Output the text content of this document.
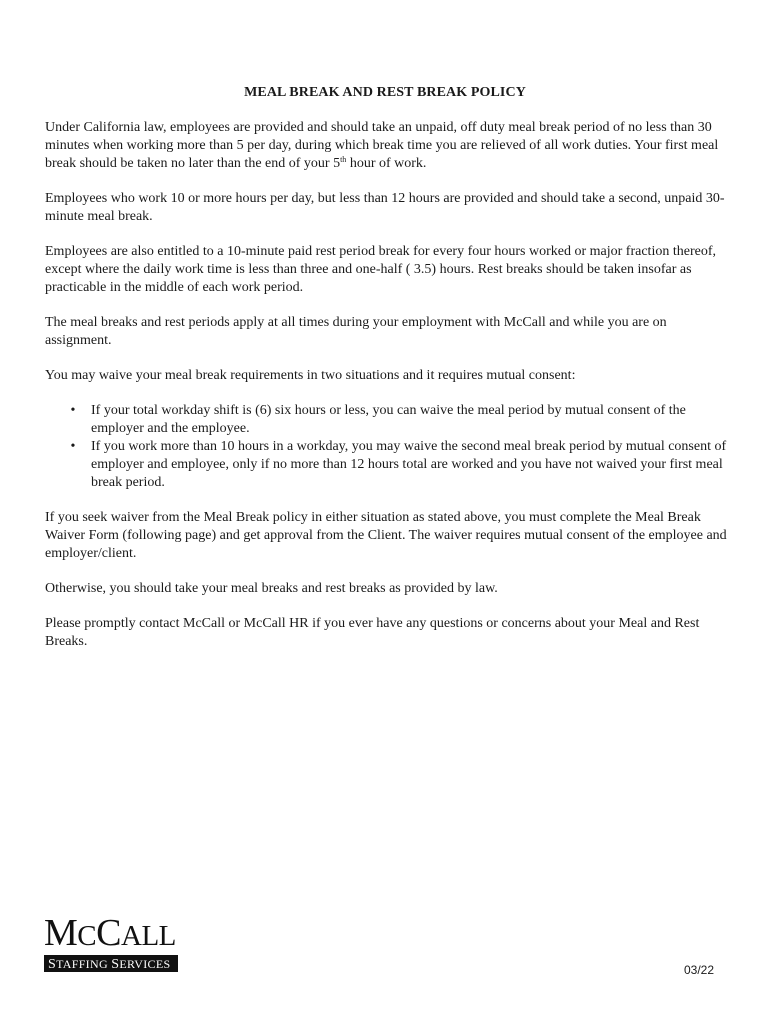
MEAL BREAK AND REST BREAK POLICY

Under California law, employees are provided and should take an unpaid, off duty meal break period of no less than 30 minutes when working more than 5 per day, during which break time you are relieved of all work duties. Your first meal break should be taken no later than the end of your 5th hour of work.

Employees who work 10 or more hours per day, but less than 12 hours are provided and should take a second, unpaid 30-minute meal break.

Employees are also entitled to a 10-minute paid rest period break for every four hours worked or major fraction thereof, except where the daily work time is less than three and one-half ( 3.5) hours. Rest breaks should be taken insofar as practicable in the middle of each work period.

The meal breaks and rest periods apply at all times during your employment with McCall and while you are on assignment.

You may waive your meal break requirements in two situations and it requires mutual consent:

• If your total workday shift is (6) six hours or less, you can waive the meal period by mutual consent of the employer and the employee.
• If you work more than 10 hours in a workday, you may waive the second meal break period by mutual consent of employer and employee, only if no more than 12 hours total are worked and you have not waived your first meal break period.

If you seek waiver from the Meal Break policy in either situation as stated above, you must complete the Meal Break Waiver Form (following page) and get approval from the Client. The waiver requires mutual consent of the employee and employer/client.

Otherwise, you should take your meal breaks and rest breaks as provided by law.

Please promptly contact McCall or McCall HR if you ever have any questions or concerns about your Meal and Rest Breaks.

MCCALL
STAFFING SERVICES	03/22
